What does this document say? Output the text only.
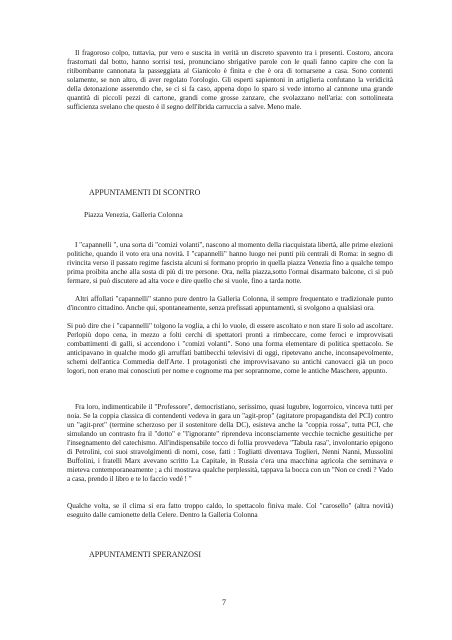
Il fragoroso colpo, tuttavia, pur vero e suscita in verità un discreto spavento tra i presenti. Costoro, ancora frastornati dal botto, hanno sorrisi tesi, pronunciano sbrigative parole con le quali fanno capire che con la ritibombante cannonata la passeggiata al Gianicolo è finita e che è ora di tornarsene a casa. Sono contenti solamente, se non altro, di aver regolato l'orologio. Gli esperti sapientoni in artiglieria confutano la veridicità della detonazione asserendo che, se ci si fa caso, appena dopo lo sparo si vede intorno al cannone una grande quantità di piccoli pezzi di cartone, grandi come grosse zanzare, che svolazzano nell'aria: con sottolineata sufficienza svelano che questo è il segno dell'ibrida carruccia a salve. Meno male.

APPUNTAMENTI DI SCONTRO

Piazza Venezia, Galleria Colonna

I "capannelli ", una sorta di "comizi volanti", nascono al momento della riacquistata libertà, alle prime elezioni politiche, quando il voto era una novità. I "capannelli" hanno luogo nei punti più centrali di Roma: in segno di rivincita verso il passato regime fascista alcuni si formano proprio in quella piazza Venezia fino a qualche tempo prima proibita anche alla sosta di più di tre persone. Ora, nella piazza,sotto l'ormai disarmato balcone, ci si può fermare, si può discutere ad alta voce e dire quello che si vuole, fino a tarda notte.

Altri affollati "capannelli" stanno pure dentro la Galleria Colonna, il sempre frequentato e tradizionale punto d'incontro cittadino. Anche qui, spontaneamente, senza prefissati appuntamenti, si svolgono a qualsiasi ora.

Si può dire che i "capannelli" tolgono la voglia, a chi lo vuole, di essere ascoltato e non stare lì solo ad ascoltare. Perlopiù dopo cena, in mezzo a folti cerchi di spettatori pronti a rimbeccare, come feroci e improvvisati combattimenti di galli, si accendono i "comizi volanti". Sono una forma elementare di politica spettacolo. Se anticipavano in qualche modo gli arruffati battibecchi televisivi di oggi, ripetevano anche, inconsapevolmente, schemi dell'antica Commedia dell'Arte. I protagonisti che improvvisavano su antichi canovacci già un poco logori, non erano mai conosciuti per nome e cognome ma per soprannome, come le antiche Maschere, appunto.

Fra loro, indimenticabile il "Professore", democristiano, serissimo, quasi lugubre, logorroico, vinceva tutti per noia. Se la coppia classica di contendenti vedeva in gara un "agit-prop" (agitatore propagandista del PCI) contro un "agit-pret" (termine scherzoso per il sostenitore della DC), esisteva anche la "coppia rossa", tutta PCI, che simulando un contrasto fra il "dotto" e "l'ignorante" riprendeva inconsciamente vecchie tecniche gesuitiche per l'insegnamento del catechismo. All'indispensabile tocco di follia provvedeva "Tabula rasa", involontario epigono di Petrolini, coi suoi stravolgimenti di nomi, cose, fatti : Togliatti diventava Toglieri, Nenni Nanni, Mussolini Buffolini, i fratelli Marx avevano scritto La Capitale, in Russia c'era una macchina agricola che seminava e mieteva contemporaneamente ; a chi mostrava qualche perplessità, tappava la bocca con un "Non ce credi ? Vado a casa, prendo il libro e te lo faccio vedé ! "

Qualche volta, se il clima si era fatto troppo caldo, lo spettacolo finiva male. Col "carosello" (altra novità) eseguito dalle camionette della Celere. Dentro la Galleria Colonna

APPUNTAMENTI SPERANZOSI

7
